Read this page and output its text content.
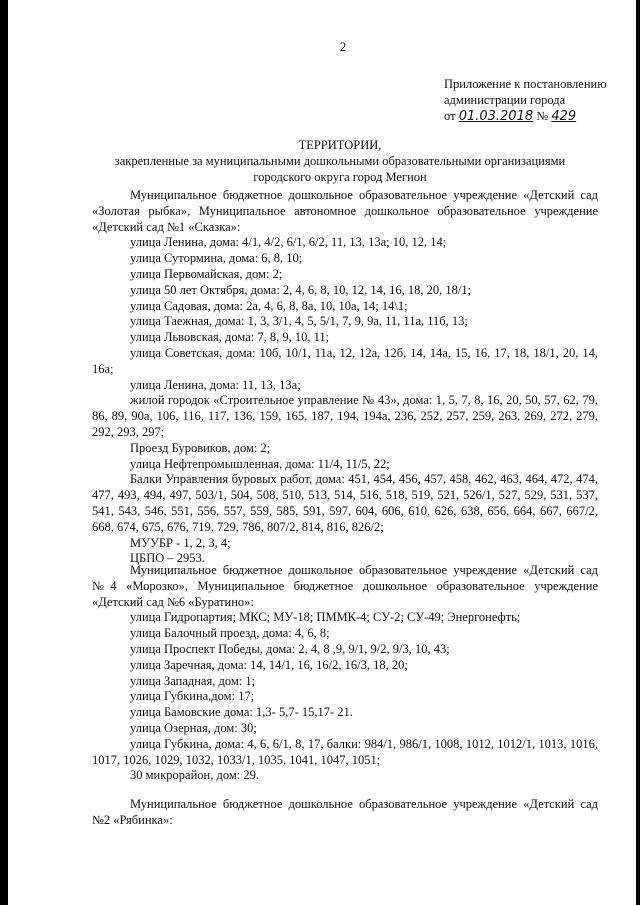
2
Приложение к постановлению
администрации города
от 01.03.2018 № 429
ТЕРРИТОРИИ,
закрепленные за муниципальными дошкольными образовательными организациями городского округа город Мегион
Муниципальное бюджетное дошкольное образовательное учреждение «Детский сад «Золотая рыбка», Муниципальное автономное дошкольное образовательное учреждение «Детский сад №1 «Сказка»:
улица Ленина, дома: 4/1, 4/2, 6/1, 6/2, 11, 13, 13а; 10, 12, 14;
улица Сутормина, дома: 6, 8, 10;
улица Первомайская, дом: 2;
улица 50 лет Октября, дома: 2, 4, 6, 8, 10, 12, 14, 16, 18, 20, 18/1;
улица Садовая, дома: 2а, 4, 6, 8, 8а, 10, 10а, 14; 14\1;
улица Таежная, дома: 1, 3, 3/1, 4, 5, 5/1, 7, 9, 9а, 11, 11а, 11б, 13;
улица Львовская, дома: 7, 8, 9, 10, 11;
улица Советская, дома: 10б, 10/1, 11а, 12, 12а, 12б, 14, 14а, 15, 16, 17, 18, 18/1, 20, 14, 16а;
улица Ленина, дома: 11, 13, 13а;
жилой городок «Строительное управление № 43», дома: 1, 5, 7, 8, 16, 20, 50, 57, 62, 79, 86, 89, 90а, 106, 116, 117, 136, 159, 165, 187, 194, 194а, 236, 252, 257, 259, 263, 269, 272, 279, 292, 293, 297;
Проезд Буровиков, дом: 2;
улица Нефтепромышленная, дома: 11/4, 11/5, 22;
Балки Управления буровых работ, дома: 451, 454, 456, 457, 458, 462, 463, 464, 472, 474, 477, 493, 494, 497, 503/1, 504, 508, 510, 513, 514, 516, 518, 519, 521, 526/1, 527, 529, 531, 537, 541, 543, 546, 551, 556, 557, 559, 585, 591, 597, 604, 606, 610, 626, 638, 656, 664, 667, 667/2, 668, 674, 675, 676, 719, 729, 786, 807/2, 814, 816, 826/2;
МУУБР - 1, 2, 3, 4;
ЦБПО – 2953.
Муниципальное бюджетное дошкольное образовательное учреждение «Детский сад №4 «Морозко», Муниципальное бюджетное дошкольное образовательное учреждение «Детский сад №6 «Буратино»:
улица Гидропартия; МКС; МУ-18; ПММК-4; СУ-2; СУ-49; Энергонефть;
улица Балочный проезд, дома: 4, 6, 8;
улица Проспект Победы, дома: 2, 4, 8 ,9, 9/1, 9/2, 9/3, 10, 43;
улица Заречная, дома: 14, 14/1, 16, 16/2, 16/3, 18, 20;
улица Западная, дом: 1;
улица Губкина,дом: 17;
улица Бамовские дома: 1,3- 5,7- 15,17- 21.
улица Озерная, дом: 30;
улица Губкина, дома: 4, 6, 6/1, 8, 17, балки: 984/1, 986/1, 1008, 1012, 1012/1, 1013, 1016, 1017, 1026, 1029, 1032, 1033/1, 1035, 1041, 1047, 1051;
30 микрорайон, дом: 29.
Муниципальное бюджетное дошкольное образовательное учреждение «Детский сад №2 «Рябинка»:
